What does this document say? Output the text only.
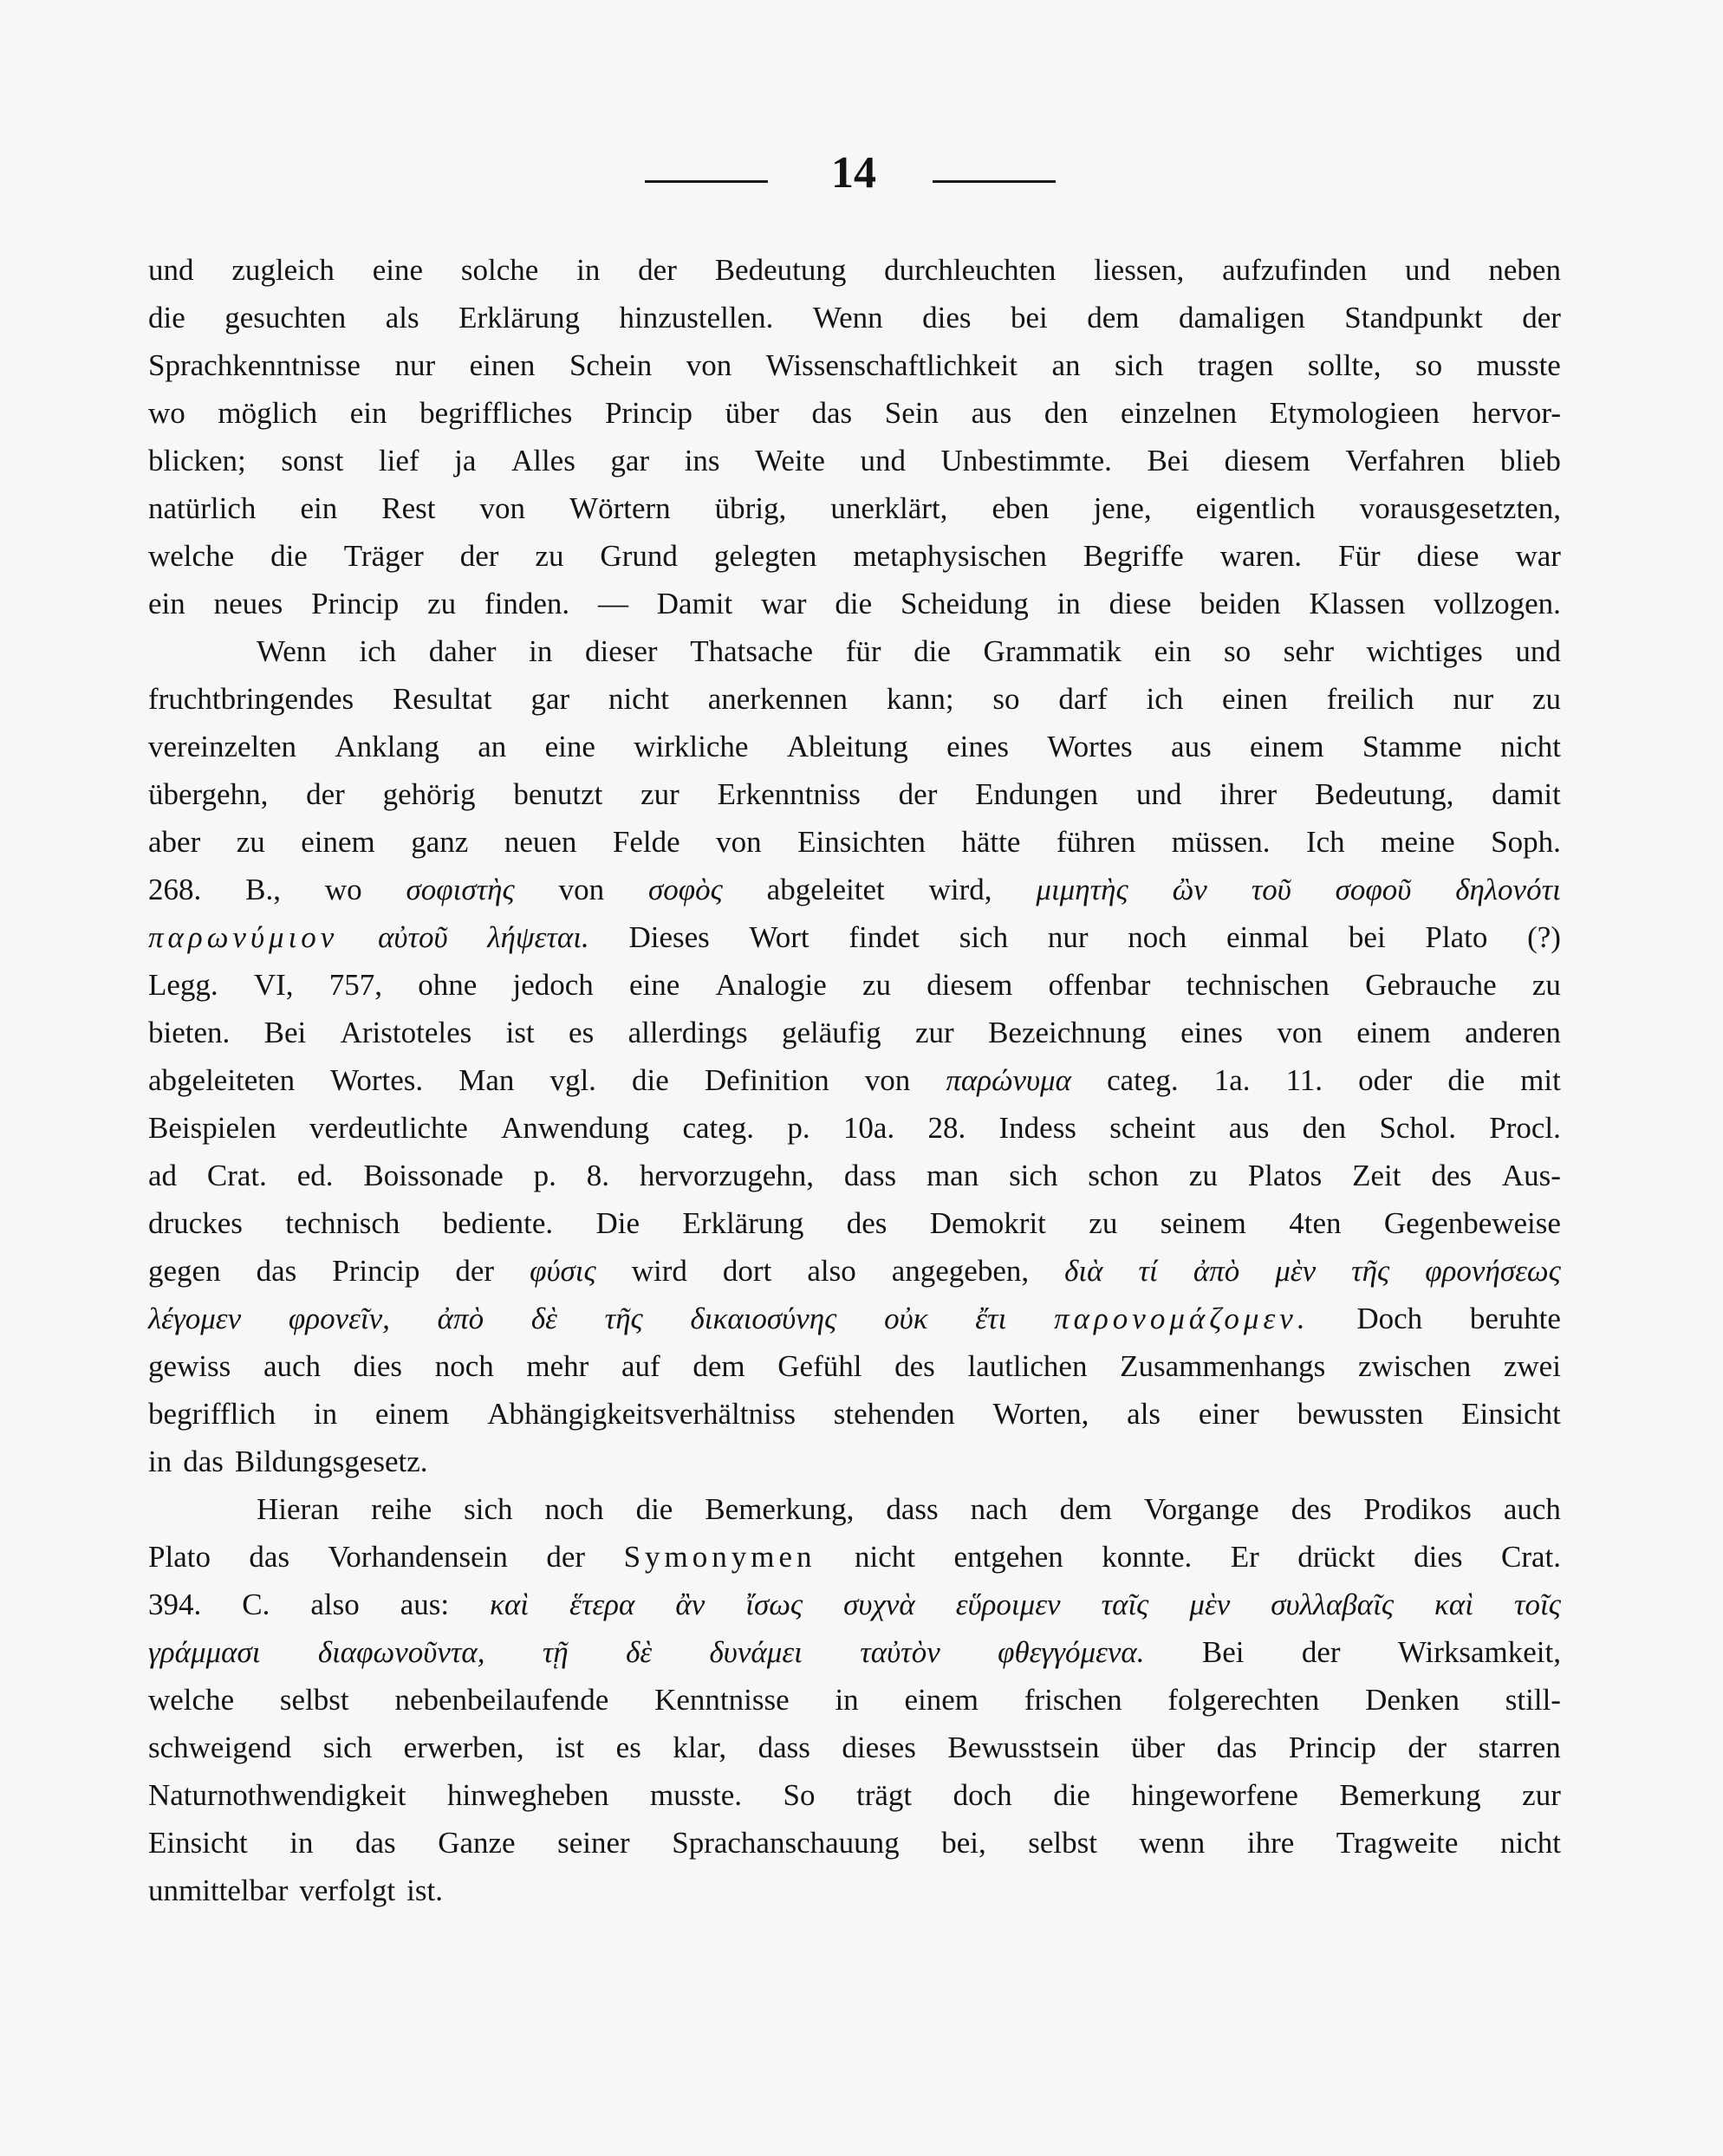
14
und zugleich eine solche in der Bedeutung durchleuchten liessen, aufzufinden und neben
die gesuchten als Erklärung hinzustellen. Wenn dies bei dem damaligen Standpunkt der
Sprachkenntnisse nur einen Schein von Wissenschaftlichkeit an sich tragen sollte, so musste
wo möglich ein begriffliches Princip über das Sein aus den einzelnen Etymologieen hervor-
blicken; sonst lief ja Alles gar ins Weite und Unbestimmte. Bei diesem Verfahren blieb
natürlich ein Rest von Wörtern übrig, unerklärt, eben jene, eigentlich vorausgesetzten,
welche die Träger der zu Grund gelegten metaphysischen Begriffe waren. Für diese war
ein neues Princip zu finden. — Damit war die Scheidung in diese beiden Klassen vollzogen.
Wenn ich daher in dieser Thatsache für die Grammatik ein so sehr wichtiges und
fruchtbringendes Resultat gar nicht anerkennen kann; so darf ich einen freilich nur zu
vereinzelten Anklang an eine wirkliche Ableitung eines Wortes aus einem Stamme nicht
übergehn, der gehörig benutzt zur Erkenntniss der Endungen und ihrer Bedeutung, damit
aber zu einem ganz neuen Felde von Einsichten hätte führen müssen. Ich meine Soph.
268. B., wo σοφιστὴς von σοφὸς abgeleitet wird, μιμητὴς ὢν τοῦ σοφοῦ δηλονότι
παρωνύμιον αὐτοῦ λήψεται. Dieses Wort findet sich nur noch einmal bei Plato (?)
Legg. VI, 757, ohne jedoch eine Analogie zu diesem offenbar technischen Gebrauche zu
bieten. Bei Aristoteles ist es allerdings geläufig zur Bezeichnung eines von einem anderen
abgeleiteten Wortes. Man vgl. die Definition von παρώνυμα categ. 1a. 11. oder die mit
Beispielen verdeutlichte Anwendung categ. p. 10a. 28. Indess scheint aus den Schol. Procl.
ad Crat. ed. Boissonade p. 8. hervorzugehn, dass man sich schon zu Platos Zeit des Aus-
druckes technisch bediente. Die Erklärung des Demokrit zu seinem 4ten Gegenbeweise
gegen das Princip der φύσις wird dort also angegeben, διὰ τί ἀπὸ μὲν τῆς φρονήσεως
λέγομεν φρονεῖν, ἀπὸ δὲ τῆς δικαιοσύνης οὐκ ἔτι παρονομάζομεν. Doch beruhte
gewiss auch dies noch mehr auf dem Gefühl des lautlichen Zusammenhangs zwischen zwei
begrifflich in einem Abhängigkeitsverhältniss stehenden Worten, als einer bewussten Einsicht
in das Bildungsgesetz.
Hieran reihe sich noch die Bemerkung, dass nach dem Vorgange des Prodikos auch
Plato das Vorhandensein der Symonymen nicht entgehen konnte. Er drückt dies Crat.
394. C. also aus: καὶ ἕτερα ἂν ἴσως συχνὰ εὕροιμεν ταῖς μὲν συλλαβαῖς καὶ τοῖς
γράμμασι διαφωνοῦντα, τῇ δὲ δυνάμει ταὐτὸν φθεγγόμενα. Bei der Wirksamkeit,
welche selbst nebenbeilaufende Kenntnisse in einem frischen folgerechten Denken still-
schweigend sich erwerben, ist es klar, dass dieses Bewusstsein über das Princip der starren
Naturnothwendigkeit hinwegheben musste. So trägt doch die hingeworfene Bemerkung zur
Einsicht in das Ganze seiner Sprachanschauung bei, selbst wenn ihre Tragweite nicht
unmittelbar verfolgt ist.
